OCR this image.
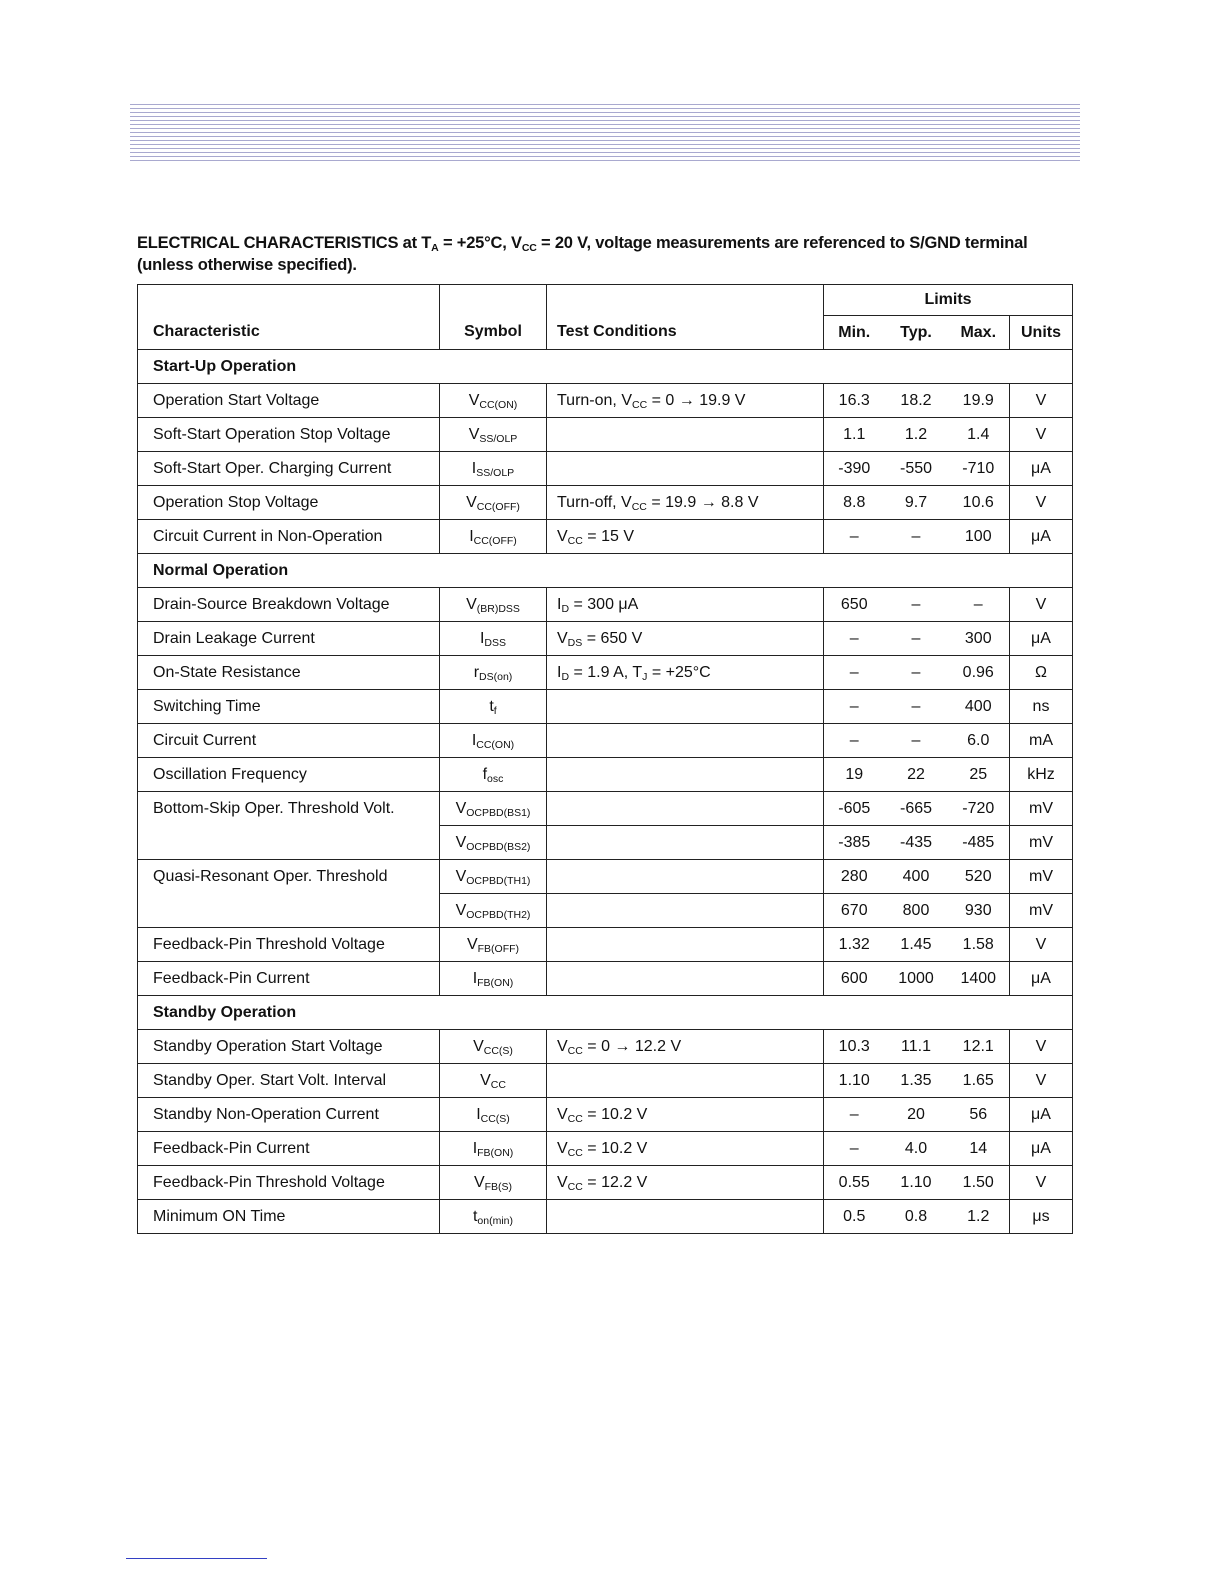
ELECTRICAL CHARACTERISTICS at $T_A = +25^\circ C$, $V_{CC} = 20$ V, voltage measurements are referenced to S/GND terminal
(unless otherwise specified).
			Limits			
Characteristic	Symbol	Test Conditions	Min.	Typ.	Max.	Units
Start-Up Operation						
Operation Start Voltage	$V_{CC(ON)}$	Turn-on, $V_{CC} = 0 \to 19.9$ V	16.3	18.2	19.9	V
Soft-Start Operation Stop Voltage	$V_{SS/OLP}$		1.1	1.2	1.4	V
Soft-Start Oper. Charging Current	$I_{SS/OLP}$		-390	-550	-710	μA
Operation Stop Voltage	$V_{CC(OFF)}$	Turn-off, $V_{CC} = 19.9 \to 8.8$ V	8.8	9.7	10.6	V
Circuit Current in Non-Operation	$I_{CC(OFF)}$	$V_{CC} = 15$ V	–	–	100	μA
Normal Operation						
Drain-Source Breakdown Voltage	$V_{(BR)DSS}$	$I_D = 300$ μA	650	–	–	V
Drain Leakage Current	$I_{DSS}$	$V_{DS} = 650$ V	–	–	300	μA
On-State Resistance	$r_{DS(on)}$	$I_D = 1.9$ A, $T_J = +25^\circ C$	–	–	0.96	Ω
Switching Time	$t_f$		–	–	400	ns
Circuit Current	$I_{CC(ON)}$		–	–	6.0	mA
Oscillation Frequency	$f_{osc}$		19	22	25	kHz
Bottom-Skip Oper. Threshold Volt.	$V_{OCPBD(BS1)}$		-605	-665	-720	mV
	$V_{OCPBD(BS2)}$		-385	-435	-485	mV
Quasi-Resonant Oper. Threshold	$V_{OCPBD(TH1)}$		280	400	520	mV
	$V_{OCPBD(TH2)}$		670	800	930	mV
Feedback-Pin Threshold Voltage	$V_{FB(OFF)}$		1.32	1.45	1.58	V
Feedback-Pin Current	$I_{FB(ON)}$		600	1000	1400	μA
Standby Operation						
Standby Operation Start Voltage	$V_{CC(S)}$	$V_{CC} = 0 \to 12.2$ V	10.3	11.1	12.1	V
Standby Oper. Start Volt. Interval	$V_{CC}$		1.10	1.35	1.65	V
Standby Non-Operation Current	$I_{CC(S)}$	$V_{CC} = 10.2$ V	–	20	56	μA
Feedback-Pin Current	$I_{FB(ON)}$	$V_{CC} = 10.2$ V	–	4.0	14	μA
Feedback-Pin Threshold Voltage	$V_{FB(S)}$	$V_{CC} = 12.2$ V	0.55	1.10	1.50	V
Minimum ON Time	$t_{on(min)}$		0.5	0.8	1.2	μs
